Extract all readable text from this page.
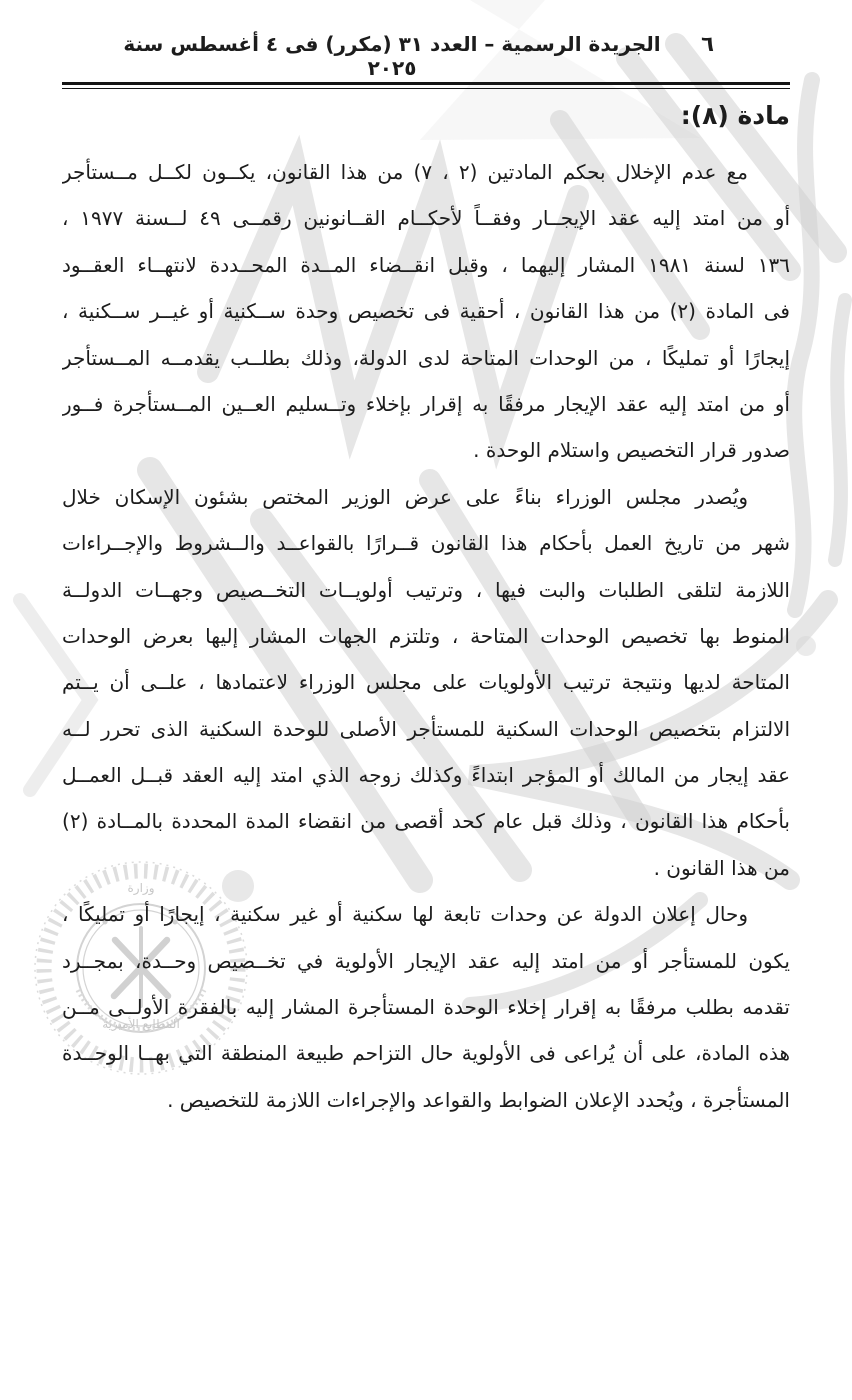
وزارة
المطابع الأميرية
٦
الجريدة الرسمية – العدد ٣١ (مكرر) فى ٤ أغسطس سنة ٢٠٢٥
مادة (٨):
مع عدم الإخلال بحكم المادتين (٢ ، ٧) من هذا القانون، يكــون لكــل مــستأجر
أو من امتد إليه عقد الإيجــار وفقــاً لأحكــام القــانونين رقمــى ٤٩ لــسنة ١٩٧٧ ،
١٣٦ لسنة ١٩٨١ المشار إليهما ، وقبل انقــضاء المــدة المحــددة لانتهــاء العقــود
فى المادة (٢) من هذا القانون ، أحقية فى تخصيص وحدة ســكنية أو غيــر ســكنية ،
إيجارًا أو تمليكًا ، من الوحدات المتاحة لدى الدولة، وذلك بطلــب يقدمــه المــستأجر
أو من امتد إليه عقد الإيجار مرفقًا به إقرار بإخلاء وتــسليم العــين المــستأجرة فــور
صدور قرار التخصيص واستلام الوحدة .
ويُصدر مجلس الوزراء بناءً على عرض الوزير المختص بشئون الإسكان خلال
شهر من تاريخ العمل بأحكام هذا القانون قــرارًا بالقواعــد والــشروط والإجــراءات
اللازمة لتلقى الطلبات والبت فيها ، وترتيب أولويــات التخــصيص وجهــات الدولــة
المنوط بها تخصيص الوحدات المتاحة ، وتلتزم الجهات المشار إليها بعرض الوحدات
المتاحة لديها ونتيجة ترتيب الأولويات على مجلس الوزراء لاعتمادها ، علــى أن يــتم
الالتزام بتخصيص الوحدات السكنية للمستأجر الأصلى للوحدة السكنية الذى تحرر لــه
عقد إيجار من المالك أو المؤجر ابتداءً وكذلك زوجه الذي امتد إليه العقد قبــل العمــل
بأحكام هذا القانون ، وذلك قبل عام كحد أقصى من انقضاء المدة المحددة بالمــادة (٢)
من هذا القانون .
وحال إعلان الدولة عن وحدات تابعة لها سكنية أو غير سكنية ، إيجارًا أو تمليكًا ،
يكون للمستأجر أو من امتد إليه عقد الإيجار الأولوية في تخــصيص وحــدة، بمجــرد
تقدمه بطلب مرفقًا به إقرار إخلاء الوحدة المستأجرة المشار إليه بالفقرة الأولــى مــن
هذه المادة، على أن يُراعى فى الأولوية حال التزاحم طبيعة المنطقة التي بهــا الوحــدة
المستأجرة ، ويُحدد الإعلان الضوابط والقواعد والإجراءات اللازمة للتخصيص .
